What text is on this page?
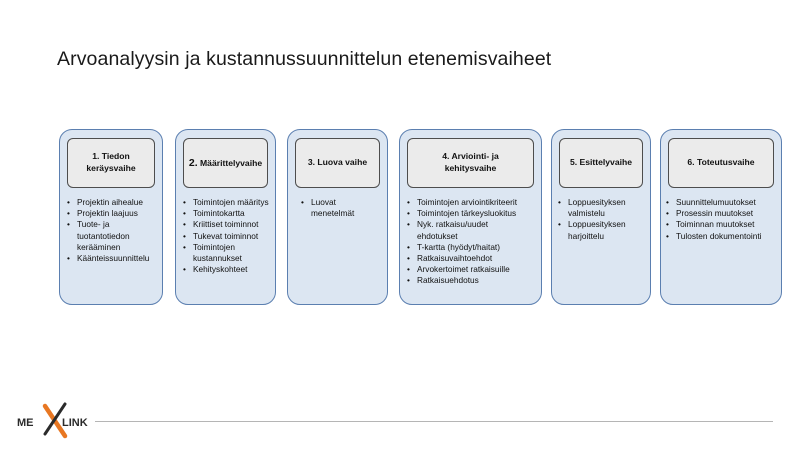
Arvoanalyysin ja kustannussuunnittelun etenemisvaiheet
1. Tiedon
keräysvaihe
• Projektin aihealue
• Projektin laajuus
• Tuote- ja
tuotantotiedon
kerääminen
• Käänteissuunnittelu
2. Määrittelyvaihe
• Toimintojen määritys
• Toimintokartta
• Kriittiset toiminnot
• Tukevat toiminnot
• Toimintojen
kustannukset
• Kehityskohteet
3. Luova vaihe
• Luovat
menetelmät
4. Arviointi- ja
kehitysvaihe
• Toimintojen arviointikriteerit
• Toimintojen tärkeysluokitus
• Nyk. ratkaisu/uudet
ehdotukset
• T-kartta (hyödyt/haitat)
• Ratkaisuvaihtoehdot
• Arvokertoimet ratkaisuille
• Ratkaisuehdotus
5. Esittelyvaihe
• Loppuesityksen
valmistelu
• Loppuesityksen
harjoittelu
6. Toteutusvaihe
• Suunnittelumuutokset
• Prosessin muutokset
• Toiminnan muutokset
• Tulosten dokumentointi
ME	LINK
